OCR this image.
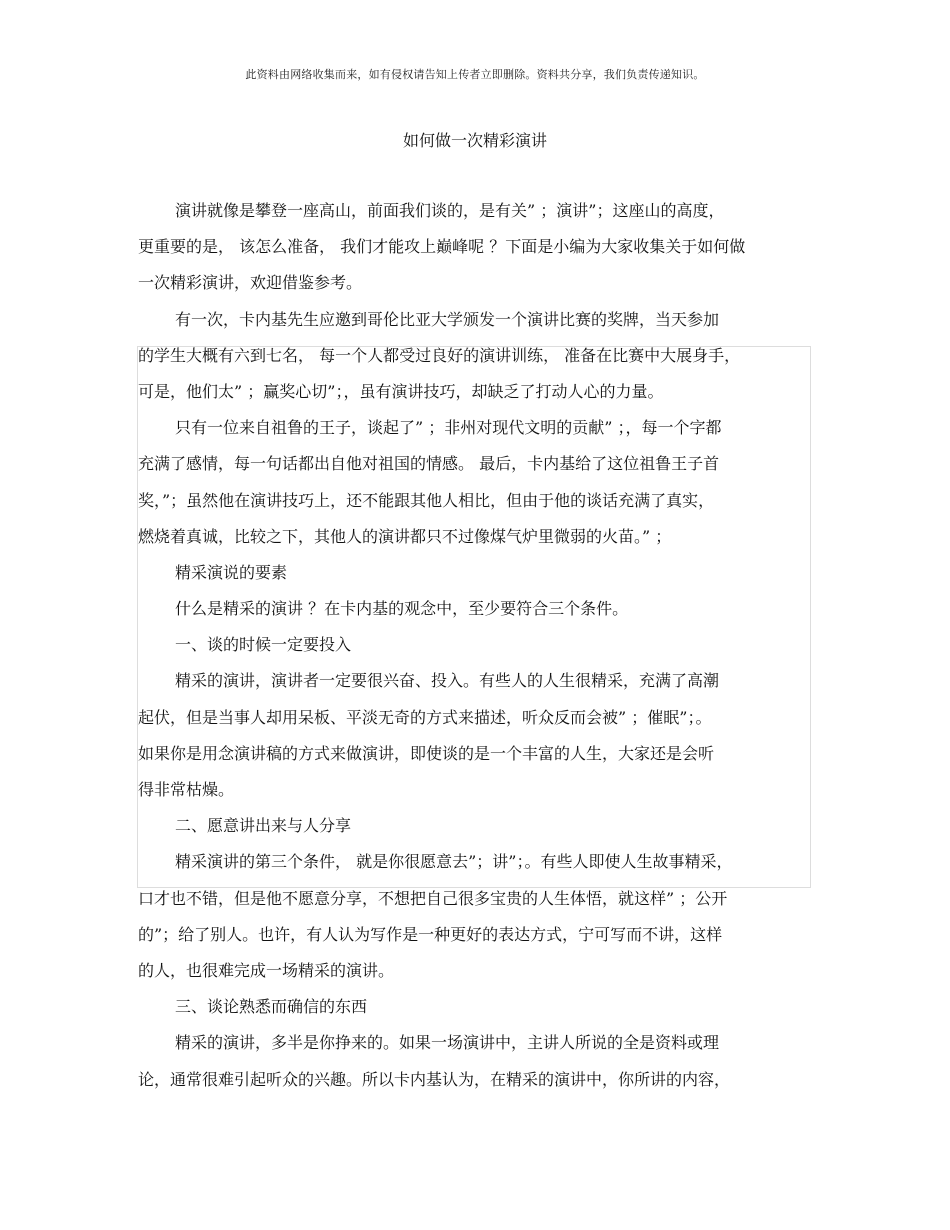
此资料由网络收集而来，如有侵权请告知上传者立即删除。资料共分享，我们负责传递知识。
如何做一次精彩演讲
演讲就像是攀登一座高山，前面我们谈的，是有关” ；演讲”；这座山的高度，
更重要的是， 该怎么准备， 我们才能攻上巅峰呢 ？下面是小编为大家收集关于如何做
一次精彩演讲，欢迎借鉴参考。
有一次，卡内基先生应邀到哥伦比亚大学颁发一个演讲比赛的奖牌，当天参加
的学生大概有六到七名， 每一个人都受过良好的演讲训练， 准备在比赛中大展身手，
可是，他们太” ；赢奖心切”；，虽有演讲技巧，却缺乏了打动人心的力量。
只有一位来自祖鲁的王子，谈起了” ；非州对现代文明的贡献” ；，每一个字都
充满了感情，每一句话都出自他对祖国的情感。 最后，卡内基给了这位祖鲁王子首
奖，”；虽然他在演讲技巧上，还不能跟其他人相比，但由于他的谈话充满了真实，
燃烧着真诚，比较之下，其他人的演讲都只不过像煤气炉里微弱的火苗。” ；
精采演说的要素
什么是精采的演讲 ？在卡内基的观念中，至少要符合三个条件。
一、谈的时候一定要投入
精采的演讲，演讲者一定要很兴奋、投入。有些人的人生很精采，充满了高潮
起伏，但是当事人却用呆板、平淡无奇的方式来描述，听众反而会被” ；催眠”；。
如果你是用念演讲稿的方式来做演讲，即使谈的是一个丰富的人生，大家还是会听
得非常枯燥。
二、愿意讲出来与人分享
精采演讲的第三个条件， 就是你很愿意去”；讲”；。有些人即使人生故事精采，
口才也不错，但是他不愿意分享，不想把自己很多宝贵的人生体悟，就这样” ；公开
的”；给了别人。也许，有人认为写作是一种更好的表达方式，宁可写而不讲，这样
的人，也很难完成一场精采的演讲。
三、谈论熟悉而确信的东西
精采的演讲，多半是你挣来的。如果一场演讲中，主讲人所说的全是资料或理
论，通常很难引起听众的兴趣。所以卡内基认为，在精采的演讲中，你所讲的内容，
